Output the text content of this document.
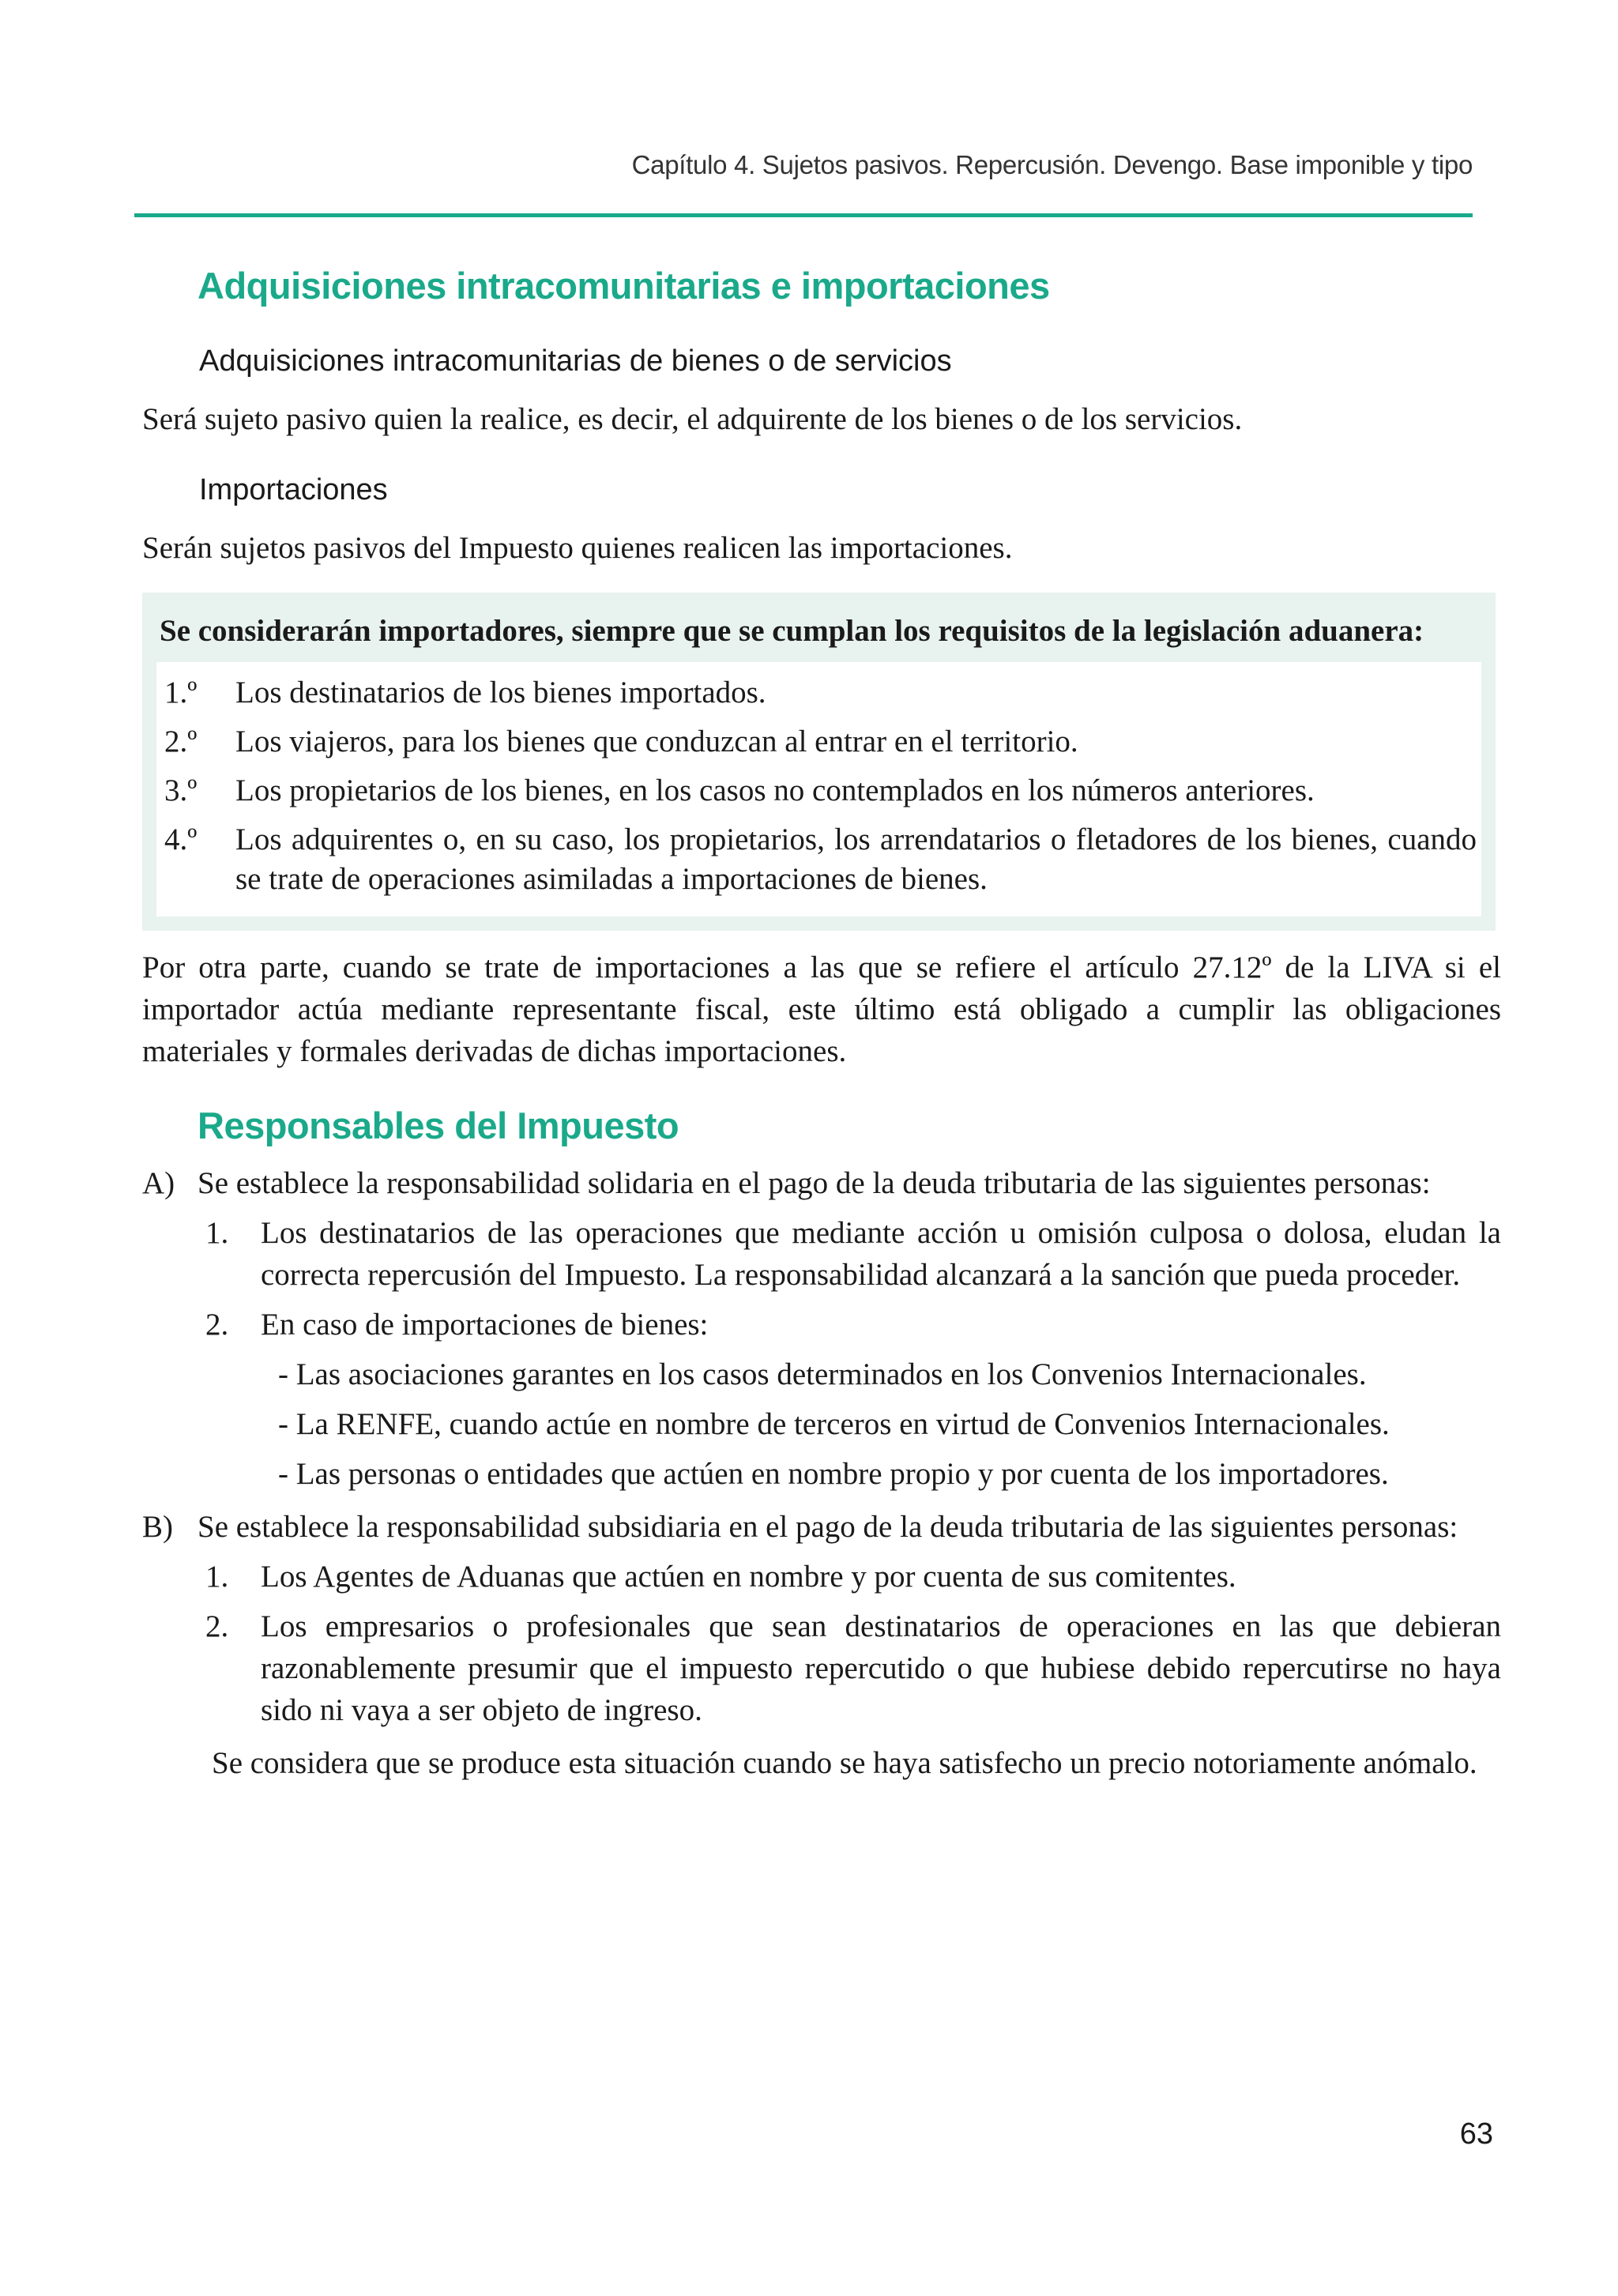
Capítulo 4. Sujetos pasivos. Repercusión. Devengo. Base imponible y tipo
Adquisiciones intracomunitarias e importaciones
Adquisiciones intracomunitarias de bienes o de servicios

Será sujeto pasivo quien la realice, es decir, el adquirente de los bienes o de los servicios.

Importaciones

Serán sujetos pasivos del Impuesto quienes realicen las importaciones.

Se considerarán importadores, siempre que se cumplan los requisitos de la legislación aduanera:
1.º	Los destinatarios de los bienes importados.
2.º	Los viajeros, para los bienes que conduzcan al entrar en el territorio.
3.º	Los propietarios de los bienes, en los casos no contemplados en los números anteriores.
4.º	Los adquirentes o, en su caso, los propietarios, los arrendatarios o fletadores de los bienes, cuando se trate de operaciones asimiladas a importaciones de bienes.

Por otra parte, cuando se trate de importaciones a las que se refiere el artículo 27.12º de la LIVA si el importador actúa mediante representante fiscal, este último está obligado a cumplir las obligaciones materiales y formales derivadas de dichas importaciones.

Responsables del Impuesto
A) Se establece la responsabilidad solidaria en el pago de la deuda tributaria de las siguientes personas:
1.	Los destinatarios de las operaciones que mediante acción u omisión culposa o dolosa, eludan la correcta repercusión del Impuesto. La responsabilidad alcanzará a la sanción que pueda proceder.
2.	En caso de importaciones de bienes:

- Las asociaciones garantes en los casos determinados en los Convenios Internacionales.

- La RENFE, cuando actúe en nombre de terceros en virtud de Convenios Internacionales.

- Las personas o entidades que actúen en nombre propio y por cuenta de los importadores.

B) Se establece la responsabilidad subsidiaria en el pago de la deuda tributaria de las siguientes personas:
1.	Los Agentes de Aduanas que actúen en nombre y por cuenta de sus comitentes.
2.	Los empresarios o profesionales que sean destinatarios de operaciones en las que debieran razonablemente presumir que el impuesto repercutido o que hubiese debido repercutirse no haya sido ni vaya a ser objeto de ingreso.

Se considera que se produce esta situación cuando se haya satisfecho un precio notoriamente anómalo.

63
